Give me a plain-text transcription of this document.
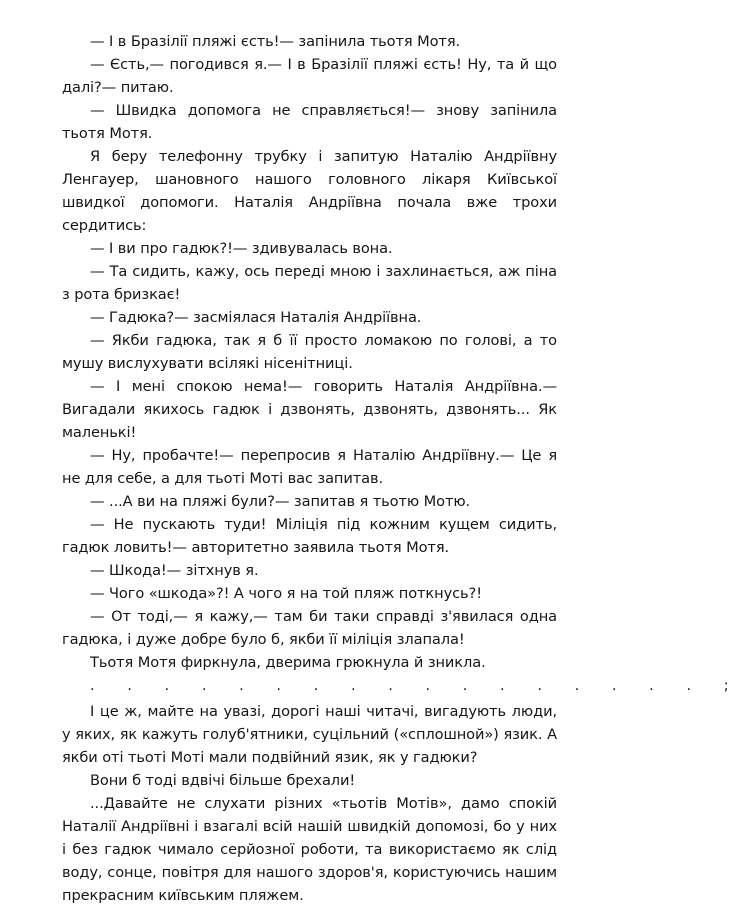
— І в Бразілії пляжі єсть!— запінила тьотя Мотя.

— Єсть,— погодився я.— І в Бразілії пляжі єсть! Ну, та й що далі?— питаю.

— Швидка допомога не справляється!— знову запінила тьотя Мотя.

Я беру телефонну трубку і запитую Наталію Андріївну Ленгауер, шановного нашого головного лікаря Київської швидкої допомоги. Наталія Андріївна почала вже трохи сердитись:

— І ви про гадюк?!— здивувалась вона.

— Та сидить, кажу, ось переді мною і захлинається, аж піна з рота бризкає!

— Гадюка?— засміялася Наталія Андріївна.

— Якби гадюка, так я б її просто ломакою по голові, а то мушу вислухувати всілякі нісенітниці.

— І мені спокою нема!— говорить Наталія Андріївна.— Вигадали якихось гадюк і дзвонять, дзвонять, дзвонять... Як маленькі!

— Ну, пробачте!— перепросив я Наталію Андріївну.— Це я не для себе, а для тьоті Моті вас запитав.

— ...А ви на пляжі були?— запитав я тьотю Мотю.

— Не пускають туди! Міліція під кожним кущем сидить, гадюк ловить!— авторитетно заявила тьотя Мотя.

— Шкода!— зітхнув я.

— Чого «шкода»?! А чого я на той пляж поткнусь?!

— От тоді,— я кажу,— там би таки справді з'явилася одна гадюка, і дуже добре було б, якби її міліція злапала!

Тьотя Мотя фиркнула, дверима грюкнула й зникла.

. . . . . . . . . . . . . . . . . ;

І це ж, майте на увазі, дорогі наші читачі, вигадують люди, у яких, як кажуть голуб'ятники, суцільний («сплошной») язик. А якби оті тьоті Моті мали подвійний язик, як у гадюки?

Вони б тоді вдвічі більше брехали!

...Давайте не слухати різних «тьотів Мотів», дамо спокій Наталії Андріївні і взагалі всій нашій швидкій допомозі, бо у них і без гадюк чимало серйозної роботи, та використаємо як слід воду, сонце, повітря для нашого здоров'я, користуючись нашим прекрасним київським пляжем.
